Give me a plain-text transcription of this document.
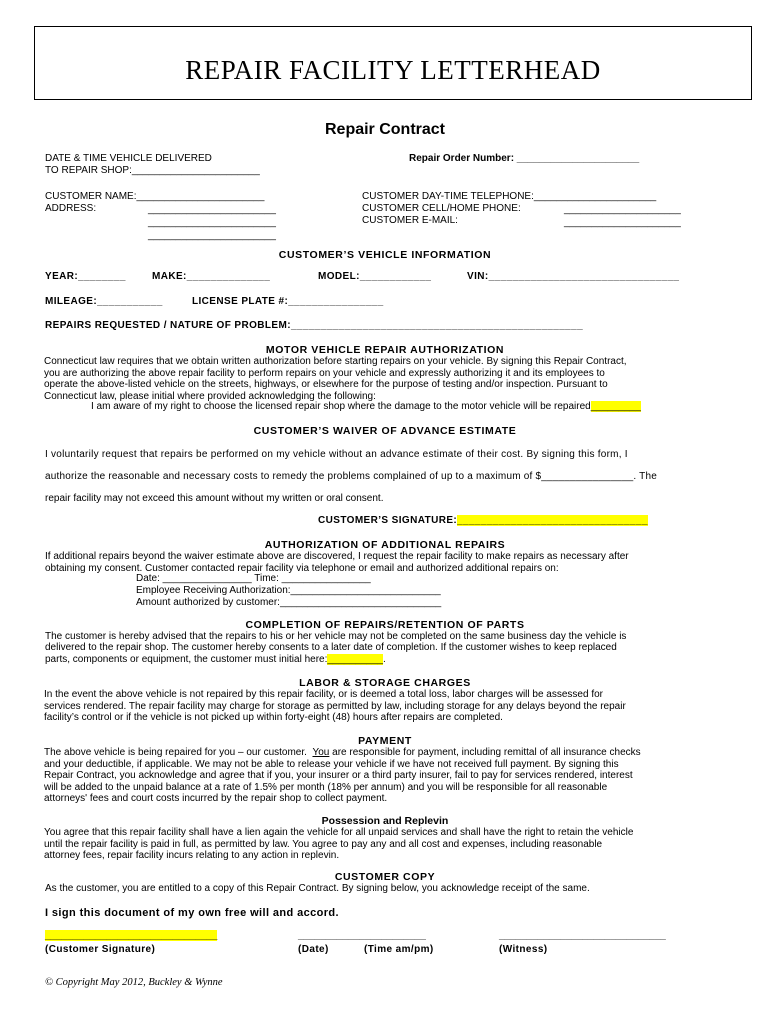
REPAIR FACILITY LETTERHEAD
Repair Contract
DATE & TIME VEHICLE DELIVERED
TO REPAIR SHOP:_______________________
Repair Order Number: ______________________
CUSTOMER NAME:_______________________
ADDRESS:	_______________________
_______________________
_______________________
CUSTOMER DAY-TIME TELEPHONE:______________________
CUSTOMER CELL/HOME PHONE:	_____________________
CUSTOMER E-MAIL:	_____________________
CUSTOMER’S VEHICLE INFORMATION
YEAR:________	MAKE:______________	MODEL:____________	VIN:________________________________
MILEAGE:___________	LICENSE PLATE #:________________
REPAIRS REQUESTED / NATURE OF PROBLEM:_________________________________________________
MOTOR VEHICLE REPAIR AUTHORIZATION
Connecticut law requires that we obtain written authorization before starting repairs on your vehicle. By signing this Repair Contract,
you are authorizing the above repair facility to perform repairs on your vehicle and expressly authorizing it and its employees to
operate the above-listed vehicle on the streets, highways, or elsewhere for the purpose of testing and/or inspection. Pursuant to
Connecticut law, please initial where provided acknowledging the following:
I am aware of my right to choose the licensed repair shop where the damage to the motor vehicle will be repaired_________
CUSTOMER’S WAIVER OF ADVANCE ESTIMATE
I voluntarily request that repairs be performed on my vehicle without an advance estimate of their cost. By signing this form, I
authorize the reasonable and necessary costs to remedy the problems complained of up to a maximum of $________________. The
repair facility may not exceed this amount without my written or oral consent.
CUSTOMER’S SIGNATURE:________________________________
AUTHORIZATION OF ADDITIONAL REPAIRS
If additional repairs beyond the waiver estimate above are discovered, I request the repair facility to make repairs as necessary after
obtaining my consent. Customer contacted repair facility via telephone or email and authorized additional repairs on:
Date: ________________ Time: ________________
Employee Receiving Authorization:___________________________
Amount authorized by customer:_____________________________
COMPLETION OF REPAIRS/RETENTION OF PARTS
The customer is hereby advised that the repairs to his or her vehicle may not be completed on the same business day the vehicle is
delivered to the repair shop. The customer hereby consents to a later date of completion. If the customer wishes to keep replaced
parts, components or equipment, the customer must initial here:__________.
LABOR & STORAGE CHARGES
In the event the above vehicle is not repaired by this repair facility, or is deemed a total loss, labor charges will be assessed for
services rendered. The repair facility may charge for storage as permitted by law, including storage for any delays beyond the repair
facility’s control or if the vehicle is not picked up within forty-eight (48) hours after repairs are completed.
PAYMENT
The above vehicle is being repaired for you – our customer.  You are responsible for payment, including remittal of all insurance checks
and your deductible, if applicable. We may not be able to release your vehicle if we have not received full payment. By signing this
Repair Contract, you acknowledge and agree that if you, your insurer or a third party insurer, fail to pay for services rendered, interest
will be added to the unpaid balance at a rate of 1.5% per month (18% per annum) and you will be responsible for all reasonable
attorneys' fees and court costs incurred by the repair shop to collect payment.
Possession and Replevin
You agree that this repair facility shall have a lien again the vehicle for all unpaid services and shall have the right to retain the vehicle
until the repair facility is paid in full, as permitted by law. You agree to pay any and all cost and expenses, including reasonable
attorney fees, repair facility incurs relating to any action in replevin.
CUSTOMER COPY
As the customer, you are entitled to a copy of this Repair Contract. By signing below, you acknowledge receipt of the same.
I sign this document of my own free will and accord.
_______________________________	_______________________	______________________________
(Customer Signature)	(Date)	(Time am/pm)	(Witness)
© Copyright May 2012, Buckley & Wynne
